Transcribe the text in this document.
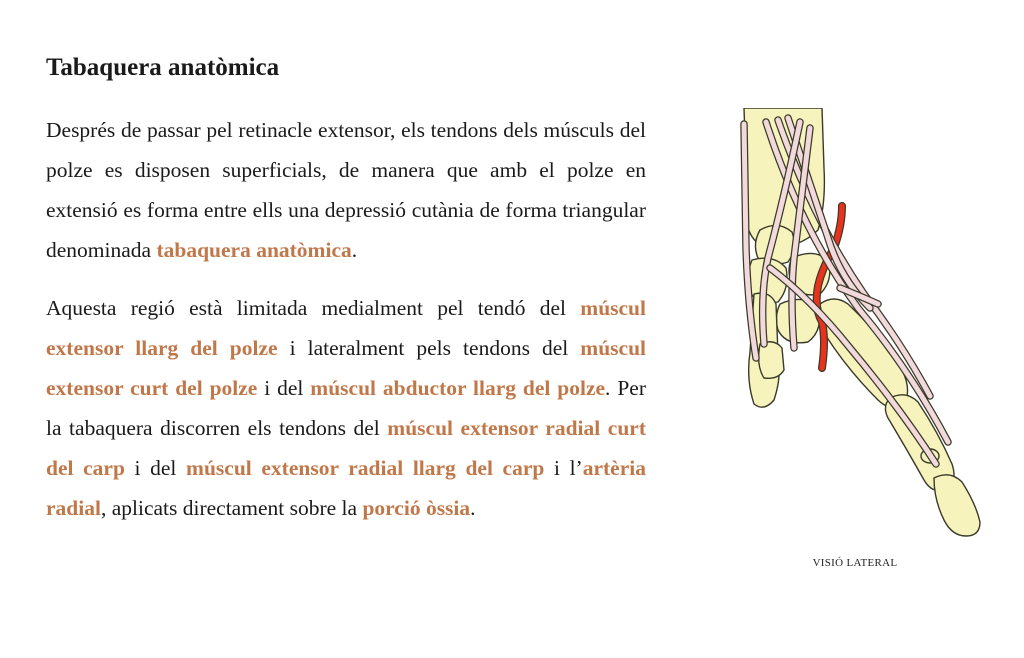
Tabaquera anatòmica

Després de passar pel retinacle extensor, els tendons dels músculs del polze es disposen superficials, de manera que amb el polze en extensió es forma entre ells una depressió cutània de forma triangular denominada tabaquera anatòmica.

Aquesta regió està limitada medialment pel tendó del múscul extensor llarg del polze i lateralment pels tendons del múscul extensor curt del polze i del múscul abductor llarg del polze. Per la tabaquera discorren els tendons del múscul extensor radial curt del carp i del múscul extensor radial llarg del carp i l’artèria radial, aplicats directament sobre la porció òssia.

VISIÓ LATERAL
